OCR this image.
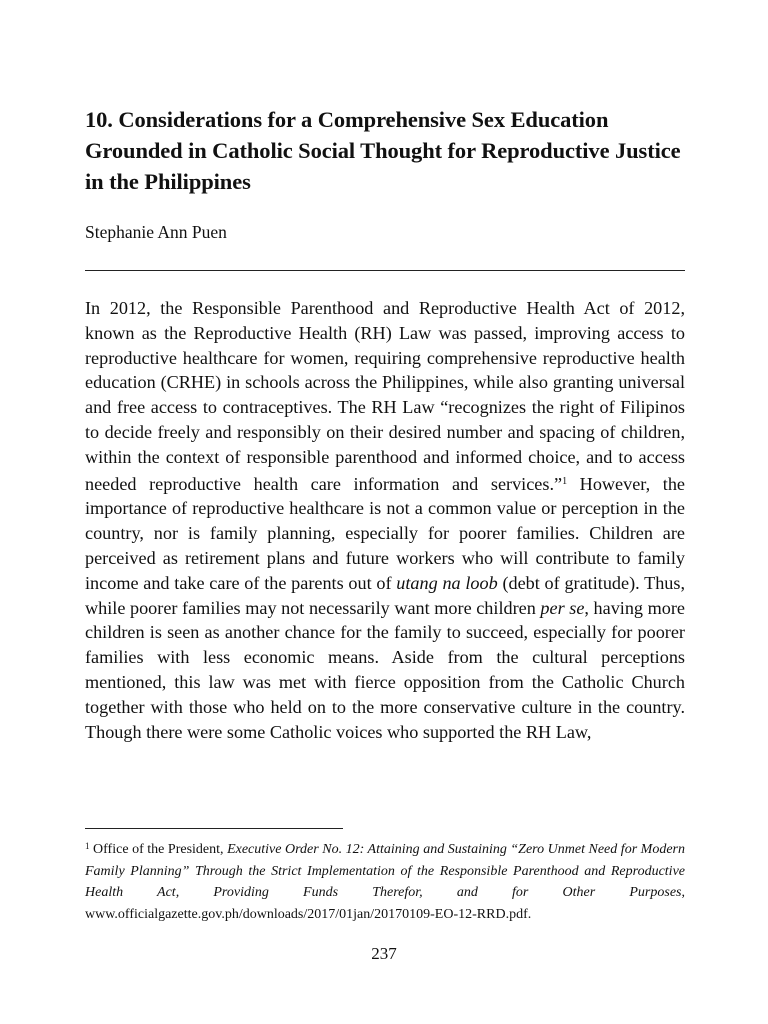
10. Considerations for a Comprehensive Sex Education Grounded in Catholic Social Thought for Reproductive Justice in the Philippines
Stephanie Ann Puen

In 2012, the Responsible Parenthood and Reproductive Health Act of 2012, known as the Reproductive Health (RH) Law was passed, improving access to reproductive healthcare for women, requiring comprehensive reproductive health education (CRHE) in schools across the Philippines, while also granting universal and free access to contraceptives. The RH Law “recognizes the right of Filipinos to decide freely and responsibly on their desired number and spacing of children, within the context of responsible parenthood and informed choice, and to access needed reproductive health care information and services.”$^1$ However, the importance of reproductive healthcare is not a common value or perception in the country, nor is family planning, especially for poorer families. Children are perceived as retirement plans and future workers who will contribute to family income and take care of the parents out of utang na loob (debt of gratitude). Thus, while poorer families may not necessarily want more children per se, having more children is seen as another chance for the family to succeed, especially for poorer families with less economic means. Aside from the cultural perceptions mentioned, this law was met with fierce opposition from the Catholic Church together with those who held on to the more conservative culture in the country. Though there were some Catholic voices who supported the RH Law,

$^1$ Office of the President, Executive Order No. 12: Attaining and Sustaining “Zero Unmet Need for Modern Family Planning” Through the Strict Implementation of the Responsible Parenthood and Reproductive Health Act, Providing Funds Therefor, and for Other Purposes, www.officialgazette.gov.ph/downloads/2017/01jan/20170109-EO-12-RRD.pdf.

237
